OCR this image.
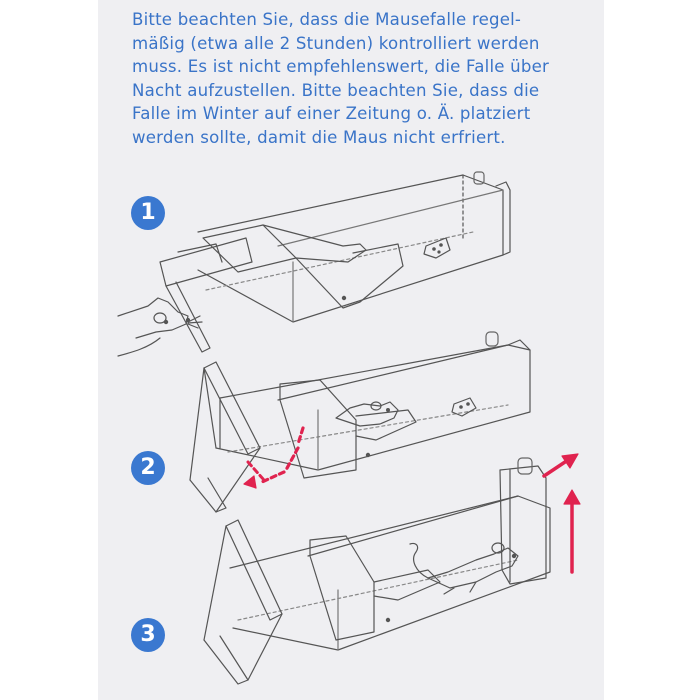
Bitte beachten Sie, dass die Mausefalle regel-
mäßig (etwa alle 2 Stunden) kontrolliert werden
muss. Es ist nicht empfehlenswert, die Falle über
Nacht aufzustellen. Bitte beachten Sie, dass die
Falle im Winter auf einer Zeitung o. Ä. platziert
werden sollte, damit die Maus nicht erfriert.
1
2
3
